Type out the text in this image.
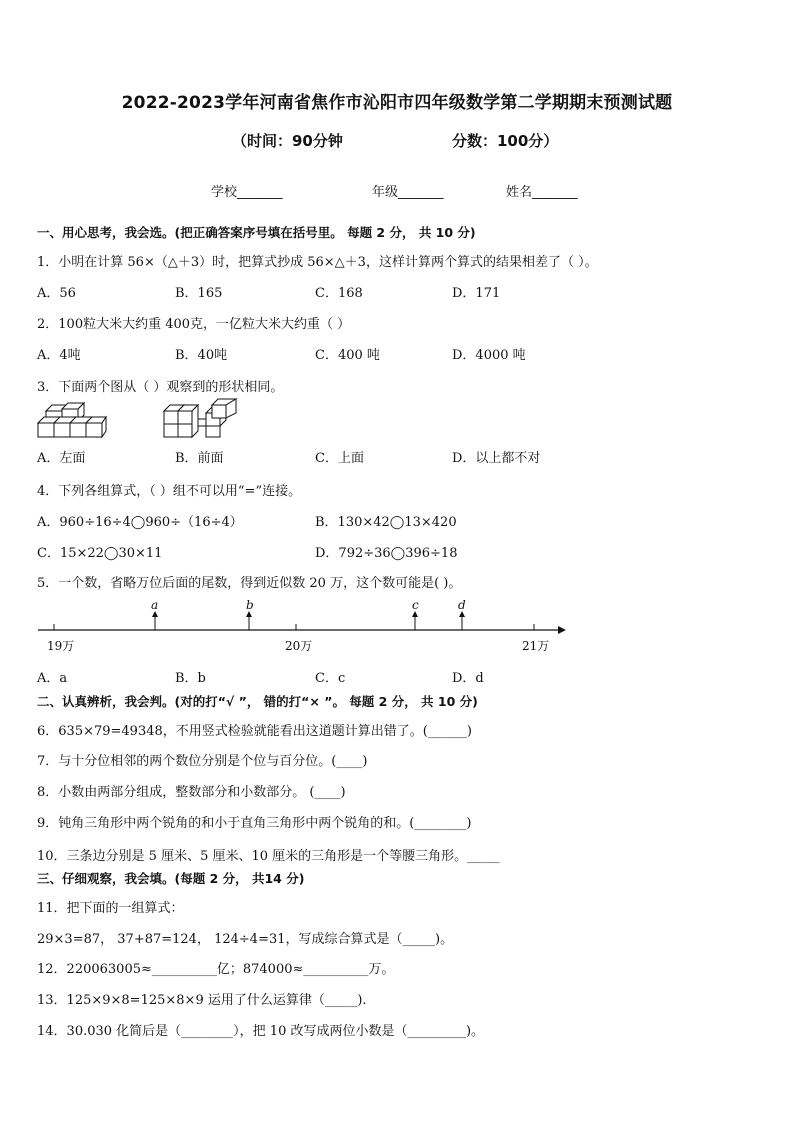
2022-2023学年河南省焦作市沁阳市四年级数学第二学期期末预测试题
（时间：90分钟	分数：100分）
学校_______	年级_______	姓名_______
一、用心思考，我会选。(把正确答案序号填在括号里。 每题 2 分， 共 10 分)
1．小明在计算 56×（△＋3）时，把算式抄成 56×△＋3，这样计算两个算式的结果相差了（ ）。
A．56	B．165	C．168	D．171
2．100粒大米大约重 400克，一亿粒大米大约重（ ）
A．4吨	B．40吨	C．400 吨	D．4000 吨
3．下面两个图从（ ）观察到的形状相同。
A．左面	B．前面	C．上面	D．以上都不对
4．下列各组算式，（ ）组不可以用“=”连接。
A．960÷16÷4◯960÷（16÷4）	B．130×42◯13×420
C．15×22◯30×11	D．792÷36◯396÷18
5．一个数，省略万位后面的尾数，得到近似数 20 万，这个数可能是( )。
a	b	c	d
19万	20万	21万
A．a	B．b	C．c	D．d
二、认真辨析，我会判。(对的打“√ ”， 错的打“× ”。 每题 2 分， 共 10 分)
6．635×79=49348，不用竖式检验就能看出这道题计算出错了。(______)
7．与十分位相邻的两个数位分别是个位与百分位。(____)
8．小数由两部分组成，整数部分和小数部分。 (____)
9．钝角三角形中两个锐角的和小于直角三角形中两个锐角的和。(________)
10．三条边分别是 5 厘米、5 厘米、10 厘米的三角形是一个等腰三角形。_____
三、仔细观察，我会填。(每题 2 分， 共14 分)
11．把下面的一组算式：
29×3=87， 37+87=124， 124÷4=31，写成综合算式是（_____)。
12．220063005≈__________亿；874000≈__________万。
13．125×9×8=125×8×9 运用了什么运算律（_____).
14．30.030 化简后是（________），把 10 改写成两位小数是（_________)。
